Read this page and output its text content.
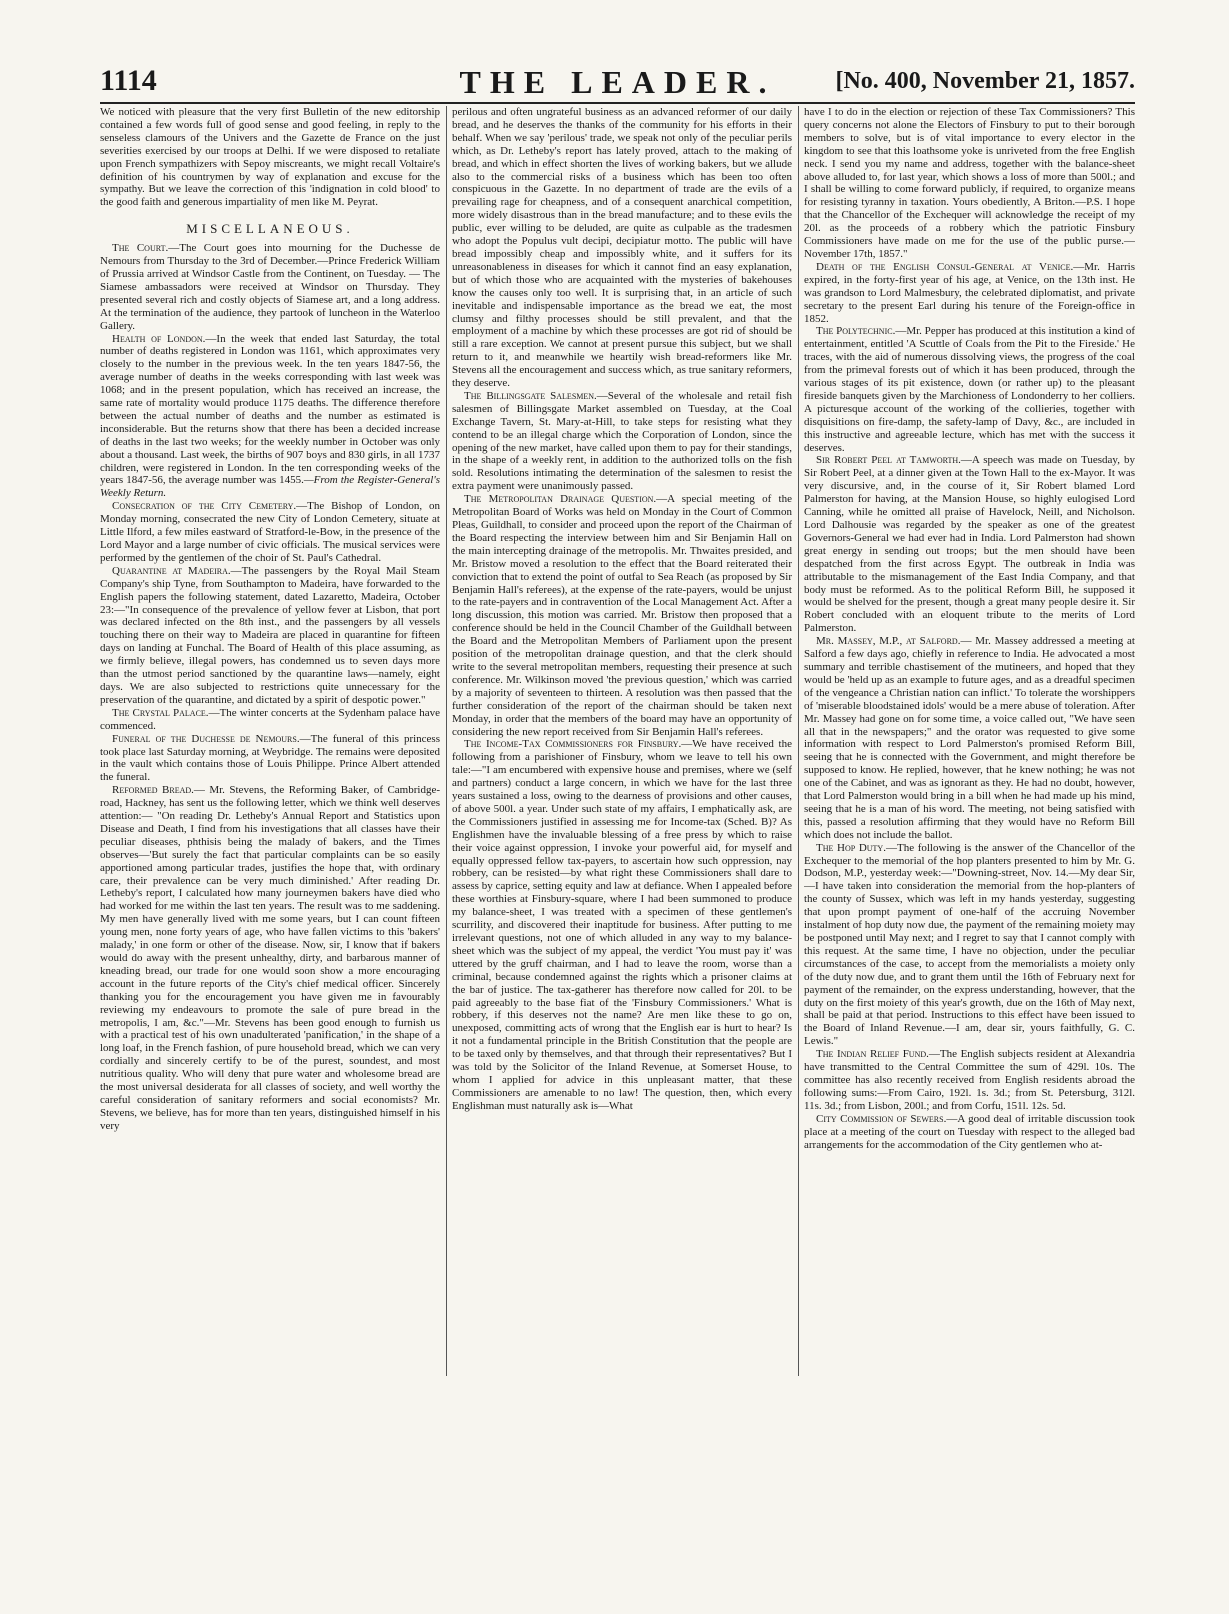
1114	THE LEADER.	[No. 400, November 21, 1857.

We noticed with pleasure that the very first Bulletin of the new editorship contained a few words full of good sense and good feeling, in reply to the senseless clamours of the Univers and the Gazette de France on the just severities exercised by our troops at Delhi. If we were disposed to retaliate upon French sympathizers with Sepoy miscreants, we might recall Voltaire's definition of his countrymen by way of explanation and excuse for the sympathy. But we leave the correction of this 'indignation in cold blood' to the good faith and generous impartiality of men like M. Peyrat.

MISCELLANEOUS.

The Court.—The Court goes into mourning for the Duchesse de Nemours from Thursday to the 3rd of December.—Prince Frederick William of Prussia arrived at Windsor Castle from the Continent, on Tuesday. — The Siamese ambassadors were received at Windsor on Thursday. They presented several rich and costly objects of Siamese art, and a long address. At the termination of the audience, they partook of luncheon in the Waterloo Gallery.

Health of London.—In the week that ended last Saturday, the total number of deaths registered in London was 1161, which approximates very closely to the number in the previous week. In the ten years 1847-56, the average number of deaths in the weeks corresponding with last week was 1068; and in the present population, which has received an increase, the same rate of mortality would produce 1175 deaths. The difference therefore between the actual number of deaths and the number as estimated is inconsiderable. But the returns show that there has been a decided increase of deaths in the last two weeks; for the weekly number in October was only about a thousand. Last week, the births of 907 boys and 830 girls, in all 1737 children, were registered in London. In the ten corresponding weeks of the years 1847-56, the average number was 1455.—From the Register-General's Weekly Return.

Consecration of the City Cemetery.—The Bishop of London, on Monday morning, consecrated the new City of London Cemetery, situate at Little Ilford, a few miles eastward of Stratford-le-Bow, in the presence of the Lord Mayor and a large number of civic officials. The musical services were performed by the gentlemen of the choir of St. Paul's Cathedral.

Quarantine at Madeira.—The passengers by the Royal Mail Steam Company's ship Tyne, from Southampton to Madeira, have forwarded to the English papers the following statement, dated Lazaretto, Madeira, October 23:—"In consequence of the prevalence of yellow fever at Lisbon, that port was declared infected on the 8th inst., and the passengers by all vessels touching there on their way to Madeira are placed in quarantine for fifteen days on landing at Funchal. The Board of Health of this place assuming, as we firmly believe, illegal powers, has condemned us to seven days more than the utmost period sanctioned by the quarantine laws—namely, eight days. We are also subjected to restrictions quite unnecessary for the preservation of the quarantine, and dictated by a spirit of despotic power."

The Crystal Palace.—The winter concerts at the Sydenham palace have commenced.

Funeral of the Duchesse de Nemours.—The funeral of this princess took place last Saturday morning, at Weybridge. The remains were deposited in the vault which contains those of Louis Philippe. Prince Albert attended the funeral.

Reformed Bread.— Mr. Stevens, the Reforming Baker, of Cambridge-road, Hackney, has sent us the following letter, which we think well deserves attention:— "On reading Dr. Letheby's Annual Report and Statistics upon Disease and Death, I find from his investigations that all classes have their peculiar diseases, phthisis being the malady of bakers, and the Times observes—'But surely the fact that particular complaints can be so easily apportioned among particular trades, justifies the hope that, with ordinary care, their prevalence can be very much diminished.' After reading Dr. Letheby's report, I calculated how many journeymen bakers have died who had worked for me within the last ten years. The result was to me saddening. My men have generally lived with me some years, but I can count fifteen young men, none forty years of age, who have fallen victims to this 'bakers' malady,' in one form or other of the disease. Now, sir, I know that if bakers would do away with the present unhealthy, dirty, and barbarous manner of kneading bread, our trade for one would soon show a more encouraging account in the future reports of the City's chief medical officer. Sincerely thanking you for the encouragement you have given me in favourably reviewing my endeavours to promote the sale of pure bread in the metropolis, I am, &c."—Mr. Stevens has been good enough to furnish us with a practical test of his own unadulterated 'panification,' in the shape of a long loaf, in the French fashion, of pure household bread, which we can very cordially and sincerely certify to be of the purest, soundest, and most nutritious quality. Who will deny that pure water and wholesome bread are the most universal desiderata for all classes of society, and well worthy the careful consideration of sanitary reformers and social economists? Mr. Stevens, we believe, has for more than ten years, distinguished himself in his very

perilous and often ungrateful business as an advanced reformer of our daily bread, and he deserves the thanks of the community for his efforts in their behalf. When we say 'perilous' trade, we speak not only of the peculiar perils which, as Dr. Letheby's report has lately proved, attach to the making of bread, and which in effect shorten the lives of working bakers, but we allude also to the commercial risks of a business which has been too often conspicuous in the Gazette. In no department of trade are the evils of a prevailing rage for cheapness, and of a consequent anarchical competition, more widely disastrous than in the bread manufacture; and to these evils the public, ever willing to be deluded, are quite as culpable as the tradesmen who adopt the Populus vult decipi, decipiatur motto. The public will have bread impossibly cheap and impossibly white, and it suffers for its unreasonableness in diseases for which it cannot find an easy explanation, but of which those who are acquainted with the mysteries of bakehouses know the causes only too well. It is surprising that, in an article of such inevitable and indispensable importance as the bread we eat, the most clumsy and filthy processes should be still prevalent, and that the employment of a machine by which these processes are got rid of should be still a rare exception. We cannot at present pursue this subject, but we shall return to it, and meanwhile we heartily wish bread-reformers like Mr. Stevens all the encouragement and success which, as true sanitary reformers, they deserve.

The Billingsgate Salesmen.—Several of the wholesale and retail fish salesmen of Billingsgate Market assembled on Tuesday, at the Coal Exchange Tavern, St. Mary-at-Hill, to take steps for resisting what they contend to be an illegal charge which the Corporation of London, since the opening of the new market, have called upon them to pay for their standings, in the shape of a weekly rent, in addition to the authorized tolls on the fish sold. Resolutions intimating the determination of the salesmen to resist the extra payment were unanimously passed.

The Metropolitan Drainage Question.—A special meeting of the Metropolitan Board of Works was held on Monday in the Court of Common Pleas, Guildhall, to consider and proceed upon the report of the Chairman of the Board respecting the interview between him and Sir Benjamin Hall on the main intercepting drainage of the metropolis. Mr. Thwaites presided, and Mr. Bristow moved a resolution to the effect that the Board reiterated their conviction that to extend the point of outfal to Sea Reach (as proposed by Sir Benjamin Hall's referees), at the expense of the rate-payers, would be unjust to the rate-payers and in contravention of the Local Management Act. After a long discussion, this motion was carried. Mr. Bristow then proposed that a conference should be held in the Council Chamber of the Guildhall between the Board and the Metropolitan Members of Parliament upon the present position of the metropolitan drainage question, and that the clerk should write to the several metropolitan members, requesting their presence at such conference. Mr. Wilkinson moved 'the previous question,' which was carried by a majority of seventeen to thirteen. A resolution was then passed that the further consideration of the report of the chairman should be taken next Monday, in order that the members of the board may have an opportunity of considering the new report received from Sir Benjamin Hall's referees.

The Income-Tax Commissioners for Finsbury.—We have received the following from a parishioner of Finsbury, whom we leave to tell his own tale:—"I am encumbered with expensive house and premises, where we (self and partners) conduct a large concern, in which we have for the last three years sustained a loss, owing to the dearness of provisions and other causes, of above 500l. a year. Under such state of my affairs, I emphatically ask, are the Commissioners justified in assessing me for Income-tax (Sched. B)? As Englishmen have the invaluable blessing of a free press by which to raise their voice against oppression, I invoke your powerful aid, for myself and equally oppressed fellow tax-payers, to ascertain how such oppression, nay robbery, can be resisted—by what right these Commissioners shall dare to assess by caprice, setting equity and law at defiance. When I appealed before these worthies at Finsbury-square, where I had been summoned to produce my balance-sheet, I was treated with a specimen of these gentlemen's scurrility, and discovered their inaptitude for business. After putting to me irrelevant questions, not one of which alluded in any way to my balance-sheet which was the subject of my appeal, the verdict 'You must pay it' was uttered by the gruff chairman, and I had to leave the room, worse than a criminal, because condemned against the rights which a prisoner claims at the bar of justice. The tax-gatherer has therefore now called for 20l. to be paid agreeably to the base fiat of the 'Finsbury Commissioners.' What is robbery, if this deserves not the name? Are men like these to go on, unexposed, committing acts of wrong that the English ear is hurt to hear? Is it not a fundamental principle in the British Constitution that the people are to be taxed only by themselves, and that through their representatives? But I was told by the Solicitor of the Inland Revenue, at Somerset House, to whom I applied for advice in this unpleasant matter, that these Commissioners are amenable to no law! The question, then, which every Englishman must naturally ask is—What

have I to do in the election or rejection of these Tax Commissioners? This query concerns not alone the Electors of Finsbury to put to their borough members to solve, but is of vital importance to every elector in the kingdom to see that this loathsome yoke is unriveted from the free English neck. I send you my name and address, together with the balance-sheet above alluded to, for last year, which shows a loss of more than 500l.; and I shall be willing to come forward publicly, if required, to organize means for resisting tyranny in taxation. Yours obediently, A Briton.—P.S. I hope that the Chancellor of the Exchequer will acknowledge the receipt of my 20l. as the proceeds of a robbery which the patriotic Finsbury Commissioners have made on me for the use of the public purse.—November 17th, 1857."

Death of the English Consul-General at Venice.—Mr. Harris expired, in the forty-first year of his age, at Venice, on the 13th inst. He was grandson to Lord Malmesbury, the celebrated diplomatist, and private secretary to the present Earl during his tenure of the Foreign-office in 1852.

The Polytechnic.—Mr. Pepper has produced at this institution a kind of entertainment, entitled 'A Scuttle of Coals from the Pit to the Fireside.' He traces, with the aid of numerous dissolving views, the progress of the coal from the primeval forests out of which it has been produced, through the various stages of its pit existence, down (or rather up) to the pleasant fireside banquets given by the Marchioness of Londonderry to her colliers. A picturesque account of the working of the collieries, together with disquisitions on fire-damp, the safety-lamp of Davy, &c., are included in this instructive and agreeable lecture, which has met with the success it deserves.

Sir Robert Peel at Tamworth.—A speech was made on Tuesday, by Sir Robert Peel, at a dinner given at the Town Hall to the ex-Mayor. It was very discursive, and, in the course of it, Sir Robert blamed Lord Palmerston for having, at the Mansion House, so highly eulogised Lord Canning, while he omitted all praise of Havelock, Neill, and Nicholson. Lord Dalhousie was regarded by the speaker as one of the greatest Governors-General we had ever had in India. Lord Palmerston had shown great energy in sending out troops; but the men should have been despatched from the first across Egypt. The outbreak in India was attributable to the mismanagement of the East India Company, and that body must be reformed. As to the political Reform Bill, he supposed it would be shelved for the present, though a great many people desire it. Sir Robert concluded with an eloquent tribute to the merits of Lord Palmerston.

Mr. Massey, M.P., at Salford.— Mr. Massey addressed a meeting at Salford a few days ago, chiefly in reference to India. He advocated a most summary and terrible chastisement of the mutineers, and hoped that they would be 'held up as an example to future ages, and as a dreadful specimen of the vengeance a Christian nation can inflict.' To tolerate the worshippers of 'miserable bloodstained idols' would be a mere abuse of toleration. After Mr. Massey had gone on for some time, a voice called out, "We have seen all that in the newspapers;" and the orator was requested to give some information with respect to Lord Palmerston's promised Reform Bill, seeing that he is connected with the Government, and might therefore be supposed to know. He replied, however, that he knew nothing; he was not one of the Cabinet, and was as ignorant as they. He had no doubt, however, that Lord Palmerston would bring in a bill when he had made up his mind, seeing that he is a man of his word. The meeting, not being satisfied with this, passed a resolution affirming that they would have no Reform Bill which does not include the ballot.

The Hop Duty.—The following is the answer of the Chancellor of the Exchequer to the memorial of the hop planters presented to him by Mr. G. Dodson, M.P., yesterday week:—"Downing-street, Nov. 14.—My dear Sir,—I have taken into consideration the memorial from the hop-planters of the county of Sussex, which was left in my hands yesterday, suggesting that upon prompt payment of one-half of the accruing November instalment of hop duty now due, the payment of the remaining moiety may be postponed until May next; and I regret to say that I cannot comply with this request. At the same time, I have no objection, under the peculiar circumstances of the case, to accept from the memorialists a moiety only of the duty now due, and to grant them until the 16th of February next for payment of the remainder, on the express understanding, however, that the duty on the first moiety of this year's growth, due on the 16th of May next, shall be paid at that period. Instructions to this effect have been issued to the Board of Inland Revenue.—I am, dear sir, yours faithfully, G. C. Lewis."

The Indian Relief Fund.—The English subjects resident at Alexandria have transmitted to the Central Committee the sum of 429l. 10s. The committee has also recently received from English residents abroad the following sums:—From Cairo, 192l. 1s. 3d.; from St. Petersburg, 312l. 11s. 3d.; from Lisbon, 200l.; and from Corfu, 151l. 12s. 5d.

City Commission of Sewers.—A good deal of irritable discussion took place at a meeting of the court on Tuesday with respect to the alleged bad arrangements for the accommodation of the City gentlemen who at-
